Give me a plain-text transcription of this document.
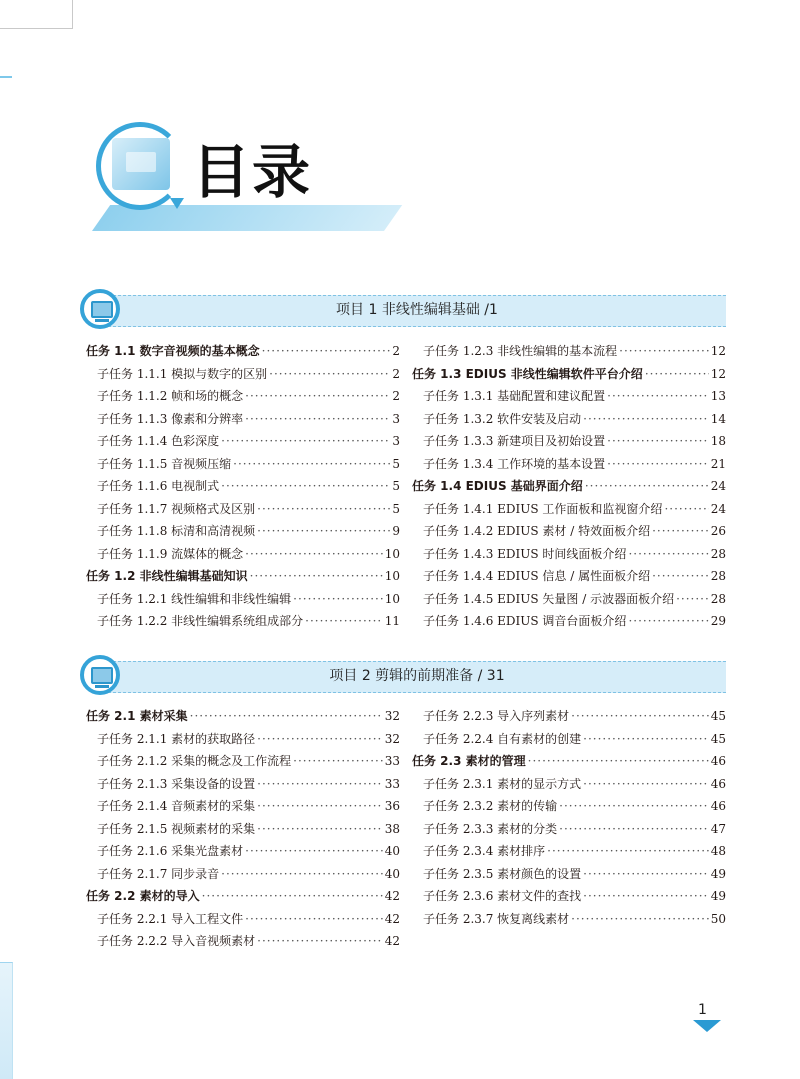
目录
项目 1 非线性编辑基础 /1
任务 1.1 数字音视频的基本概念 ·····	2
子任务 1.1.1 模拟与数字的区别 ·····	2
子任务 1.1.2 帧和场的概念 ·····	2
子任务 1.1.3 像素和分辨率 ·····	3
子任务 1.1.4 色彩深度 ·····	3
子任务 1.1.5 音视频压缩 ·····	5
子任务 1.1.6 电视制式 ·····	5
子任务 1.1.7 视频格式及区别 ·····	5
子任务 1.1.8 标清和高清视频 ·····	9
子任务 1.1.9 流媒体的概念 ·····	10
任务 1.2 非线性编辑基础知识 ·····	10
子任务 1.2.1 线性编辑和非线性编辑 ·····	10
子任务 1.2.2 非线性编辑系统组成部分 ·····	11
子任务 1.2.3 非线性编辑的基本流程 ·····	12
任务 1.3 EDIUS 非线性编辑软件平台介绍 ·····	12
子任务 1.3.1 基础配置和建议配置 ·····	13
子任务 1.3.2 软件安装及启动 ·····	14
子任务 1.3.3 新建项目及初始设置 ·····	18
子任务 1.3.4 工作环境的基本设置 ·····	21
任务 1.4 EDIUS 基础界面介绍 ·····	24
子任务 1.4.1 EDIUS 工作面板和监视窗介绍 ·····	24
子任务 1.4.2 EDIUS 素材 / 特效面板介绍 ·····	26
子任务 1.4.3 EDIUS 时间线面板介绍 ·····	28
子任务 1.4.4 EDIUS 信息 / 属性面板介绍 ·····	28
子任务 1.4.5 EDIUS 矢量图 / 示波器面板介绍 ·····	28
子任务 1.4.6 EDIUS 调音台面板介绍 ·····	29
项目 2 剪辑的前期准备 / 31
任务 2.1 素材采集 ·····	32
子任务 2.1.1 素材的获取路径 ·····	32
子任务 2.1.2 采集的概念及工作流程 ·····	33
子任务 2.1.3 采集设备的设置 ·····	33
子任务 2.1.4 音频素材的采集 ·····	36
子任务 2.1.5 视频素材的采集 ·····	38
子任务 2.1.6 采集光盘素材 ·····	40
子任务 2.1.7 同步录音 ·····	40
任务 2.2 素材的导入 ·····	42
子任务 2.2.1 导入工程文件 ·····	42
子任务 2.2.2 导入音视频素材 ·····	42
子任务 2.2.3 导入序列素材 ·····	45
子任务 2.2.4 自有素材的创建 ·····	45
任务 2.3 素材的管理 ·····	46
子任务 2.3.1 素材的显示方式 ·····	46
子任务 2.3.2 素材的传输 ·····	46
子任务 2.3.3 素材的分类 ·····	47
子任务 2.3.4 素材排序 ·····	48
子任务 2.3.5 素材颜色的设置 ·····	49
子任务 2.3.6 素材文件的查找 ·····	49
子任务 2.3.7 恢复离线素材 ·····	50
1
